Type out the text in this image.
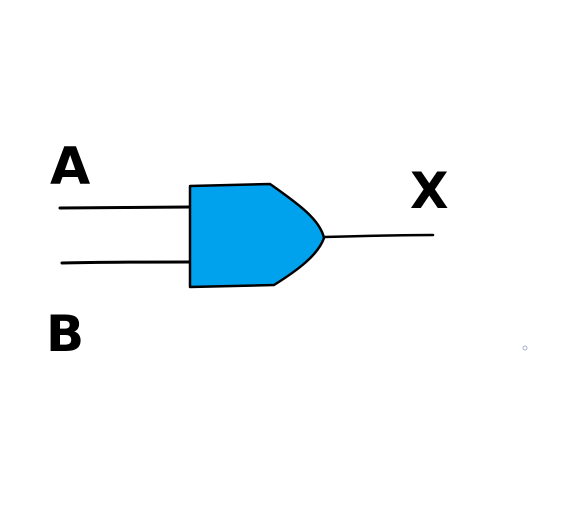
A
B
X
